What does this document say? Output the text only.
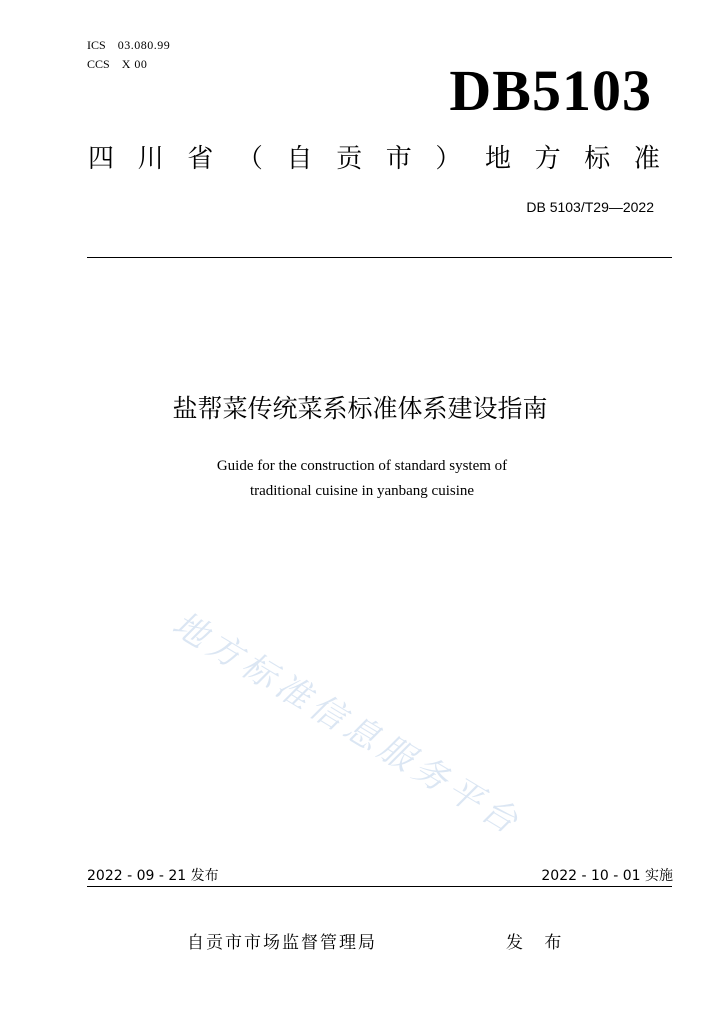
ICS 03.080.99
CCS X 00	DB5103
四 川 省 （ 自 贡 市 ） 地 方 标 准
DB 5103/T29—2022
盐帮菜传统菜系标准体系建设指南
Guide for the construction of standard system of
traditional cuisine in yanbang cuisine
地方标准信息服务平台
2022 - 09 - 21 发布	2022 - 10 - 01 实施
自贡市市场监督管理局	发 布
